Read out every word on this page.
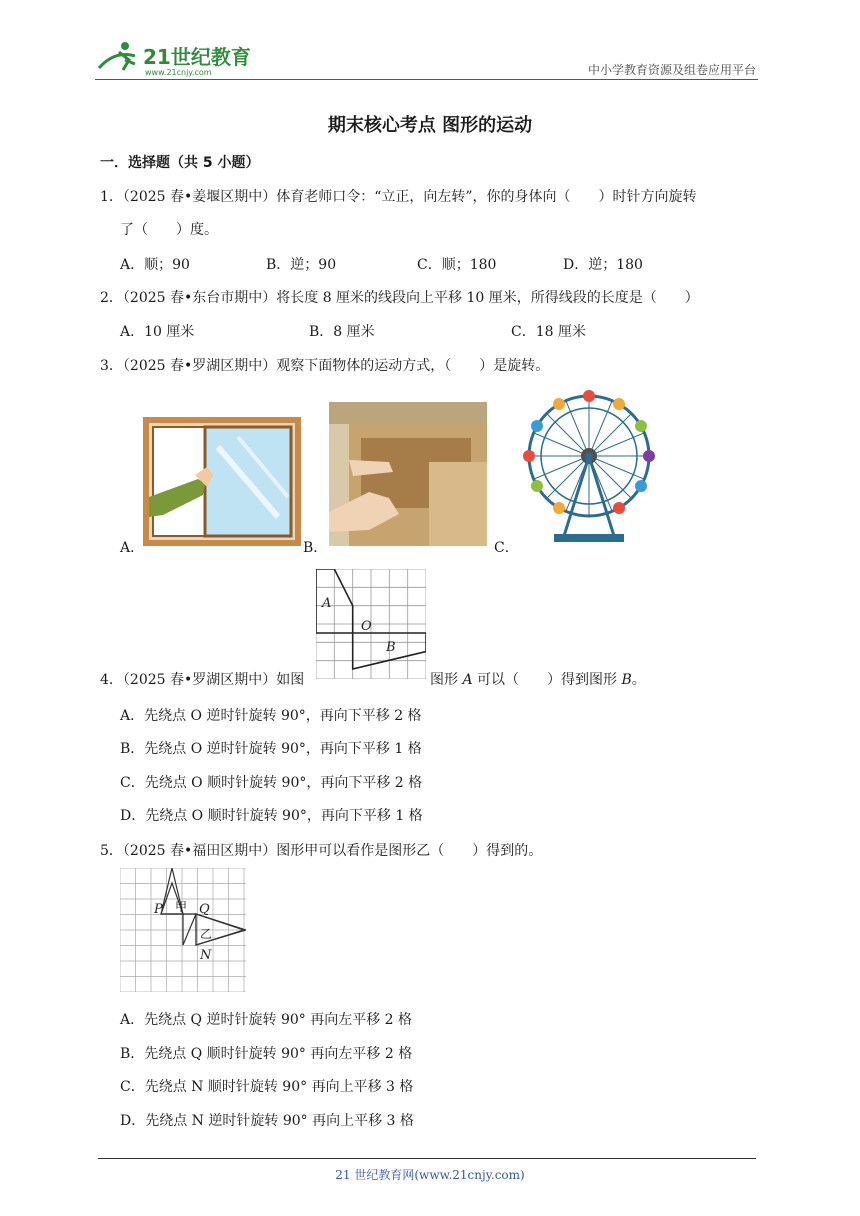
21世纪教育
www.21cnjy.com	中小学教育资源及组卷应用平台
期末核心考点 图形的运动
一．选择题（共 5 小题）
1．（2025 春•姜堰区期中）体育老师口令：“立正，向左转”，你的身体向（　　）时针方向旋转
了（　　）度。
A．顺；90	B．逆；90	C．顺；180	D．逆；180
2．（2025 春•东台市期中）将长度 8 厘米的线段向上平移 10 厘米，所得线段的长度是（　　）
A．10 厘米	B．8 厘米	C．18 厘米
3．（2025 春•罗湖区期中）观察下面物体的运动方式，（　　）是旋转。
A．	B．	C．
4．（2025 春•罗湖区期中）如图
A
O
B
图形 A 可以（　　）得到图形 B。
A．先绕点 O 逆时针旋转 90°，再向下平移 2 格
B．先绕点 O 逆时针旋转 90°，再向下平移 1 格
C．先绕点 O 顺时针旋转 90°，再向下平移 2 格
D．先绕点 O 顺时针旋转 90°，再向下平移 1 格
5．（2025 春•福田区期中）图形甲可以看作是图形乙（　　）得到的。
P 甲 Q
乙
N
A．先绕点 Q 逆时针旋转 90° 再向左平移 2 格
B．先绕点 Q 顺时针旋转 90° 再向左平移 2 格
C．先绕点 N 顺时针旋转 90° 再向上平移 3 格
D．先绕点 N 逆时针旋转 90° 再向上平移 3 格
21 世纪教育网(www.21cnjy.com)
